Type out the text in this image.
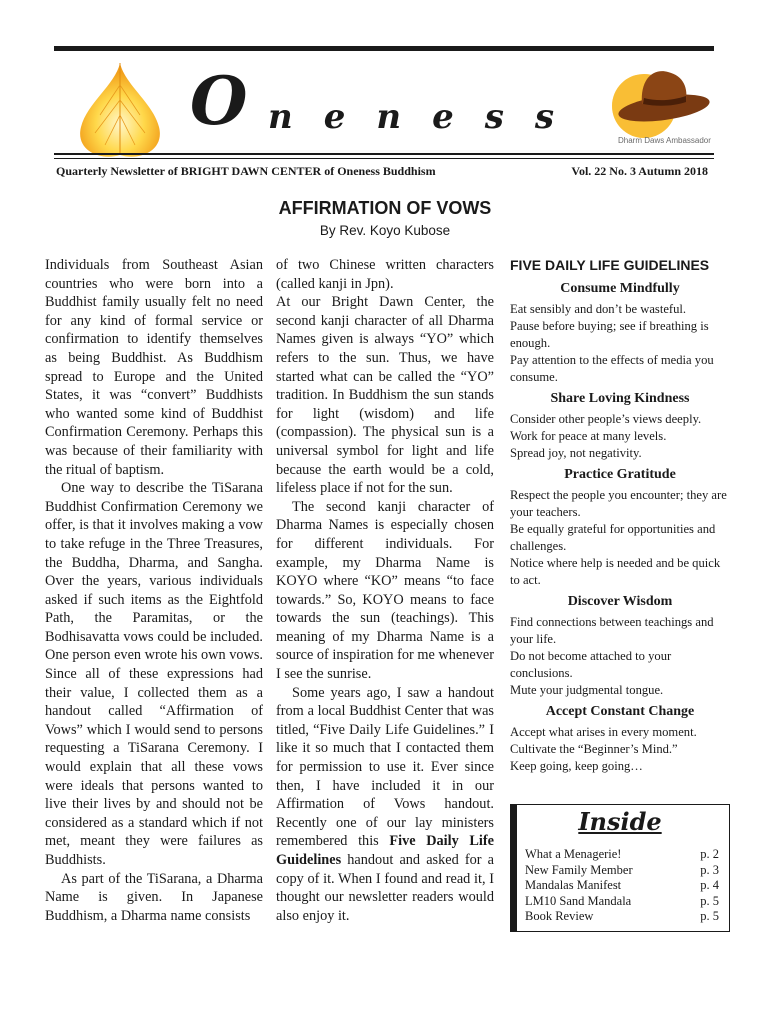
O neness
Dharm Daws Ambassador
Quarterly Newsletter of BRIGHT DAWN CENTER of Oneness Buddhism	Vol. 22 No. 3 Autumn 2018
AFFIRMATION OF VOWS
By Rev. Koyo Kubose

Individuals from Southeast Asian countries who were born into a Buddhist family usually felt no need for any kind of formal service or confirmation to identify themselves as being Buddhist. As Buddhism spread to Europe and the United States, it was “convert” Buddhists who wanted some kind of Buddhist Confirmation Ceremony. Perhaps this was because of their familiarity with the ritual of baptism.

One way to describe the TiSarana Buddhist Confirmation Ceremony we offer, is that it involves making a vow to take refuge in the Three Treasures, the Buddha, Dharma, and Sangha. Over the years, various individuals asked if such items as the Eightfold Path, the Paramitas, or the Bodhisavatta vows could be included. One person even wrote his own vows. Since all of these expressions had their value, I collected them as a handout called “Affirmation of Vows” which I would send to persons requesting a TiSarana Ceremony. I would explain that all these vows were ideals that persons wanted to live their lives by and should not be considered as a standard which if not met, meant they were failures as Buddhists.

As part of the TiSarana, a Dharma Name is given. In Japanese Buddhism, a Dharma name consists

of two Chinese written characters (called kanji in Jpn).

At our Bright Dawn Center, the second kanji character of all Dharma Names given is always “YO” which refers to the sun. Thus, we have started what can be called the “YO” tradition. In Buddhism the sun stands for light (wisdom) and life (compassion). The physical sun is a universal symbol for light and life because the earth would be a cold, lifeless place if not for the sun.

The second kanji character of Dharma Names is especially chosen for different individuals. For example, my Dharma Name is KOYO where “KO” means “to face towards.” So, KOYO means to face towards the sun (teachings). This meaning of my Dharma Name is a source of inspiration for me whenever I see the sunrise.

Some years ago, I saw a handout from a local Buddhist Center that was titled, “Five Daily Life Guidelines.” I like it so much that I contacted them for permission to use it. Ever since then, I have included it in our Affirmation of Vows handout. Recently one of our lay ministers remembered this Five Daily Life Guidelines handout and asked for a copy of it. When I found and read it, I thought our newsletter readers would also enjoy it.

FIVE DAILY LIFE GUIDELINES
Consume Mindfully

Eat sensibly and don’t be wasteful.

Pause before buying; see if breathing is enough.

Pay attention to the effects of media you consume.

Share Loving Kindness

Consider other people’s views deeply.

Work for peace at many levels.

Spread joy, not negativity.

Practice Gratitude

Respect the people you encounter; they are your teachers.

Be equally grateful for opportunities and challenges.

Notice where help is needed and be quick to act.

Discover Wisdom

Find connections between teachings and your life.

Do not become attached to your conclusions.

Mute your judgmental tongue.

Accept Constant Change

Accept what arises in every moment.

Cultivate the “Beginner’s Mind.”

Keep going, keep going…

Inside
What a Menagerie!	p. 2
New Family Member	p. 3
Mandalas Manifest	p. 4
LM10 Sand Mandala	p. 5
Book Review	p. 5
